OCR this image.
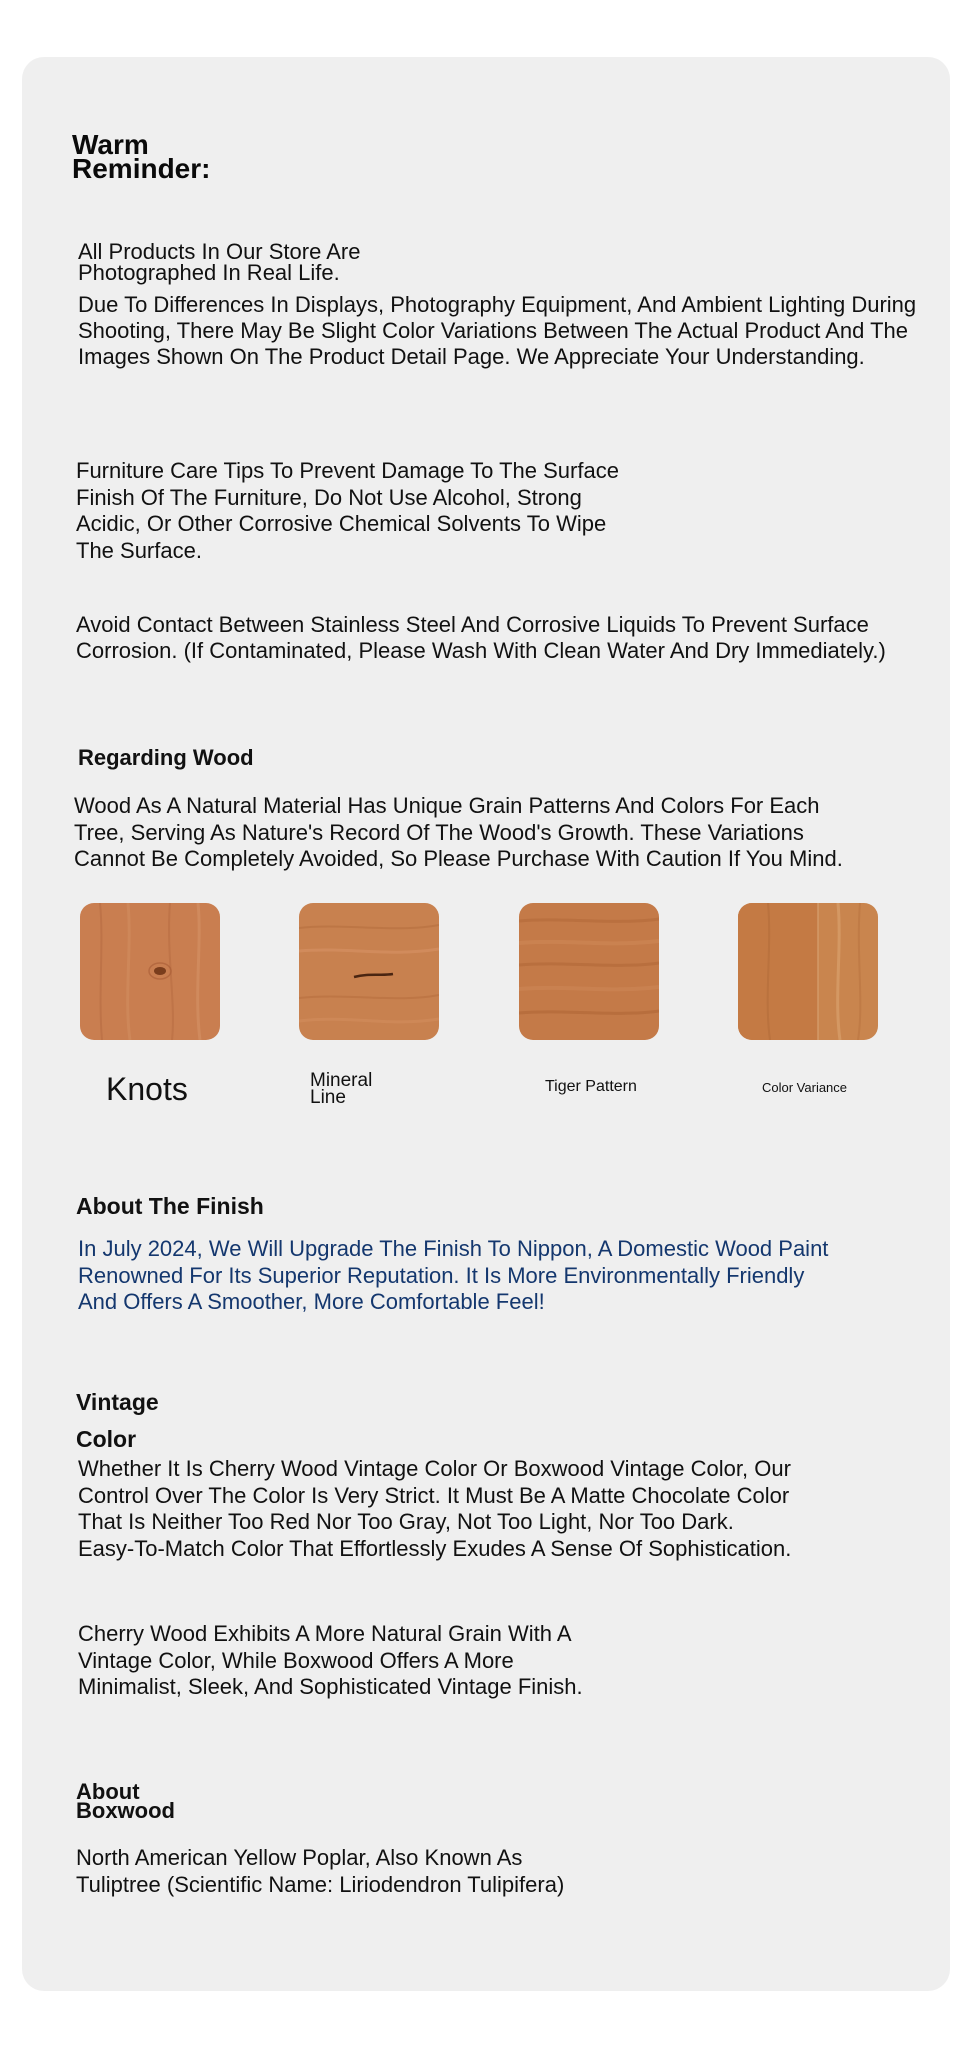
Warm
Reminder:

All Products In Our Store Are
Photographed In Real Life.

Due To Differences In Displays, Photography Equipment, And Ambient Lighting During
Shooting, There May Be Slight Color Variations Between The Actual Product And The
Images Shown On The Product Detail Page. We Appreciate Your Understanding.

Furniture Care Tips To Prevent Damage To The Surface
Finish Of The Furniture, Do Not Use Alcohol, Strong
Acidic, Or Other Corrosive Chemical Solvents To Wipe
The Surface.

Avoid Contact Between Stainless Steel And Corrosive Liquids To Prevent Surface
Corrosion. (If Contaminated, Please Wash With Clean Water And Dry Immediately.)

Regarding Wood

Wood As A Natural Material Has Unique Grain Patterns And Colors For Each
Tree, Serving As Nature's Record Of The Wood's Growth. These Variations
Cannot Be Completely Avoided, So Please Purchase With Caution If You Mind.

Knots	Mineral
Line
Tiger Pattern	Color Variance
About The Finish

In July 2024, We Will Upgrade The Finish To Nippon, A Domestic Wood Paint
Renowned For Its Superior Reputation. It Is More Environmentally Friendly
And Offers A Smoother, More Comfortable Feel!

Vintage
Color

Whether It Is Cherry Wood Vintage Color Or Boxwood Vintage Color, Our
Control Over The Color Is Very Strict. It Must Be A Matte Chocolate Color
That Is Neither Too Red Nor Too Gray, Not Too Light, Nor Too Dark.
Easy-To-Match Color That Effortlessly Exudes A Sense Of Sophistication.

Cherry Wood Exhibits A More Natural Grain With A
Vintage Color, While Boxwood Offers A More
Minimalist, Sleek, And Sophisticated Vintage Finish.

About
Boxwood

North American Yellow Poplar, Also Known As
Tuliptree (Scientific Name: Liriodendron Tulipifera)
